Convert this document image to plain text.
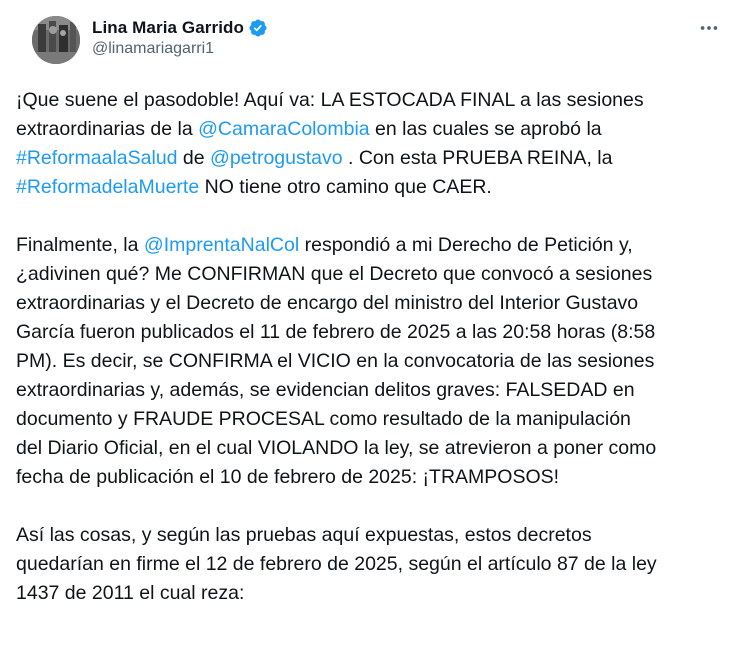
Lina Maria Garrido
@linamariagarri1
¡Que suene el pasodoble! Aquí va: LA ESTOCADA FINAL a las sesiones
extraordinarias de la @CamaraColombia en las cuales se aprobó la
#ReformaalaSalud de @petrogustavo . Con esta PRUEBA REINA, la
#ReformadelaMuerte NO tiene otro camino que CAER.
Finalmente, la @ImprentaNalCol respondió a mi Derecho de Petición y,
¿adivinen qué? Me CONFIRMAN que el Decreto que convocó a sesiones
extraordinarias y el Decreto de encargo del ministro del Interior Gustavo
García fueron publicados el 11 de febrero de 2025 a las 20:58 horas (8:58
PM). Es decir, se CONFIRMA el VICIO en la convocatoria de las sesiones
extraordinarias y, además, se evidencian delitos graves: FALSEDAD en
documento y FRAUDE PROCESAL como resultado de la manipulación
del Diario Oficial, en el cual VIOLANDO la ley, se atrevieron a poner como
fecha de publicación el 10 de febrero de 2025: ¡TRAMPOSOS!
Así las cosas, y según las pruebas aquí expuestas, estos decretos
quedarían en firme el 12 de febrero de 2025, según el artículo 87 de la ley
1437 de 2011 el cual reza:
